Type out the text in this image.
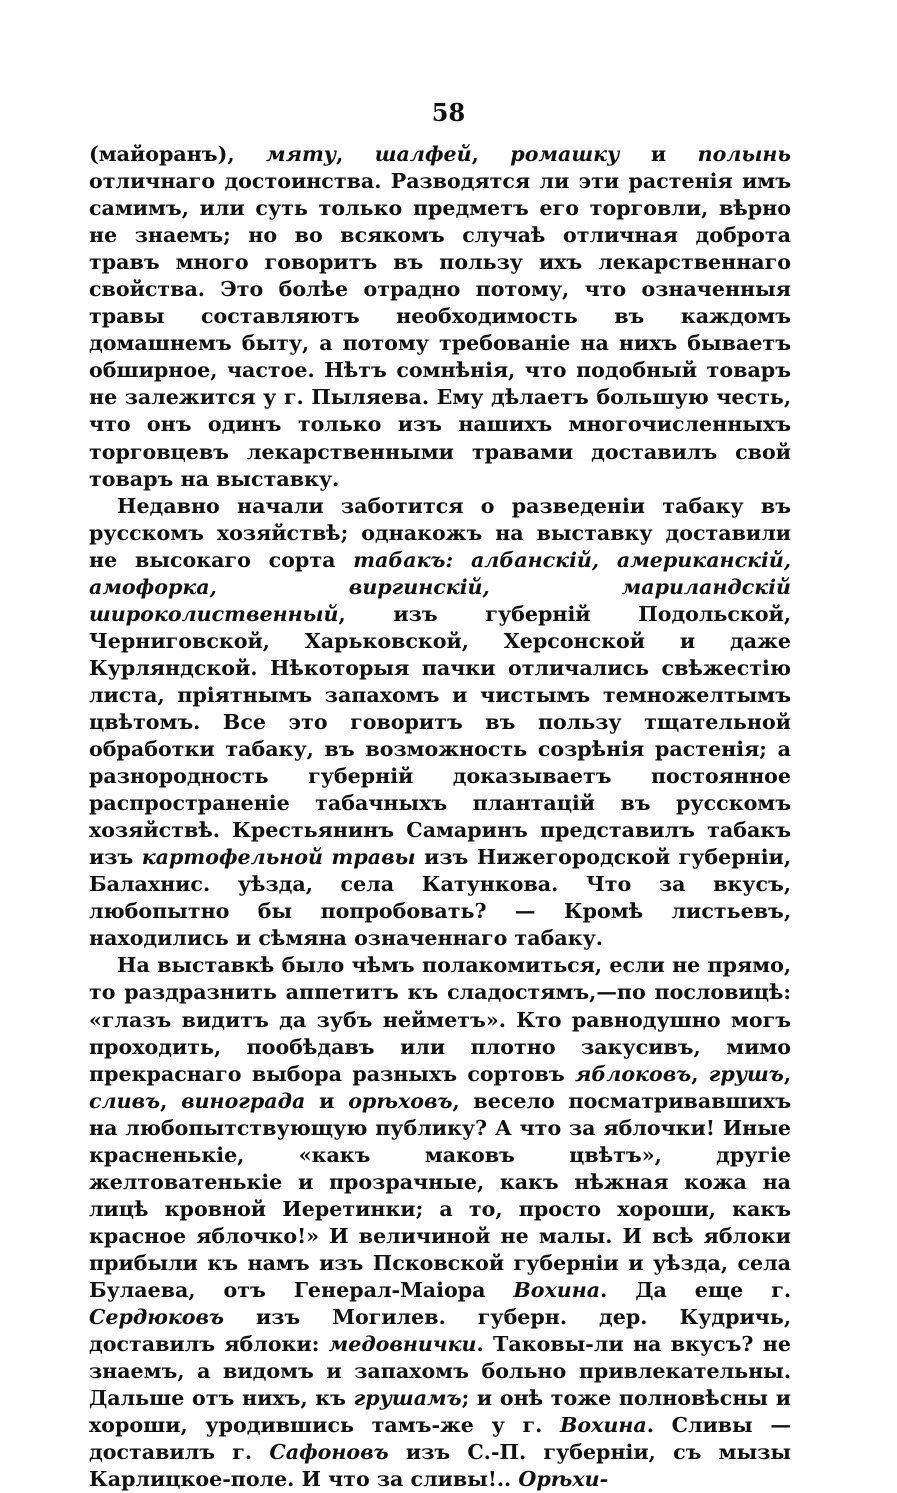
58

(майоранъ), мяту, шалфей, ромашку и полынь отличнаго достоинства. Разводятся ли эти растенія имъ самимъ, или суть только предметъ его торговли, вѣрно не знаемъ; но во всякомъ случаѣ отличная доброта травъ много говоритъ въ пользу ихъ лекарственнаго свойства. Это болѣе отрадно потому, что означенныя травы составляютъ необходимость въ каждомъ домашнемъ быту, а потому требованіе на нихъ бываетъ обширное, частое. Нѣтъ сомнѣнія, что подобный товаръ не залежится у г. Пыляева. Ему дѣлаетъ большую честь, что онъ одинъ только изъ нашихъ многочисленныхъ торговцевъ лекарственными травами доставилъ свой товаръ на выставку.

Недавно начали заботится о разведеніи табаку въ русскомъ хозяйствѣ; однакожъ на выставку доставили не высокаго сорта табакъ: албанскій, американскій, амофорка, виргинскій, мариландскій широколиственный, изъ губерній Подольской, Черниговской, Харьковской, Херсонской и даже Курляндской. Нѣкоторыя пачки отличались свѣжестію листа, пріятнымъ запахомъ и чистымъ темножелтымъ цвѣтомъ. Все это говоритъ въ пользу тщательной обработки табаку, въ возможность созрѣнія растенія; а разнородность губерній доказываетъ постоянное распространеніе табачныхъ плантацій въ русскомъ хозяйствѣ. Крестьянинъ Самаринъ представилъ табакъ изъ картофельной травы изъ Нижегородской губерніи, Балахнис. уѣзда, села Катункова. Что за вкусъ, любопытно бы попробовать? — Кромѣ листьевъ, находились и сѣмяна означеннаго табаку.

На выставкѣ было чѣмъ полакомиться, если не прямо, то раздразнить аппетитъ къ сладостямъ,—по пословицѣ: «глазъ видитъ да зубъ нейметъ». Кто равнодушно могъ проходить, пообѣдавъ или плотно закусивъ, мимо прекраснаго выбора разныхъ сортовъ яблоковъ, грушъ, сливъ, винограда и орѣховъ, весело посматривавшихъ на любопытствующую публику? А что за яблочки! Иные красненькіе, «какъ маковъ цвѣтъ», другіе желтоватенькіе и прозрачные, какъ нѣжная кожа на лицѣ кровной Иеретинки; а то, просто хороши, какъ красное яблочко!» И величиной не малы. И всѣ яблоки прибыли къ намъ изъ Псковской губерніи и уѣзда, села Булаева, отъ Генерал-Маіора Вохина. Да еще г. Сердюковъ изъ Могилев. губерн. дер. Кудричь, доставилъ яблоки: медовнички. Таковы-ли на вкусъ? не знаемъ, а видомъ и запахомъ больно привлекательны. Дальше отъ нихъ, къ грушамъ; и онѣ тоже полновѣсны и хороши, уродившись тамъ-же у г. Вохина. Сливы — доставилъ г. Сафоновъ изъ С.-П. губерніи, съ мызы Карлицкое-поле. И что за сливы!.. Орѣхи-
